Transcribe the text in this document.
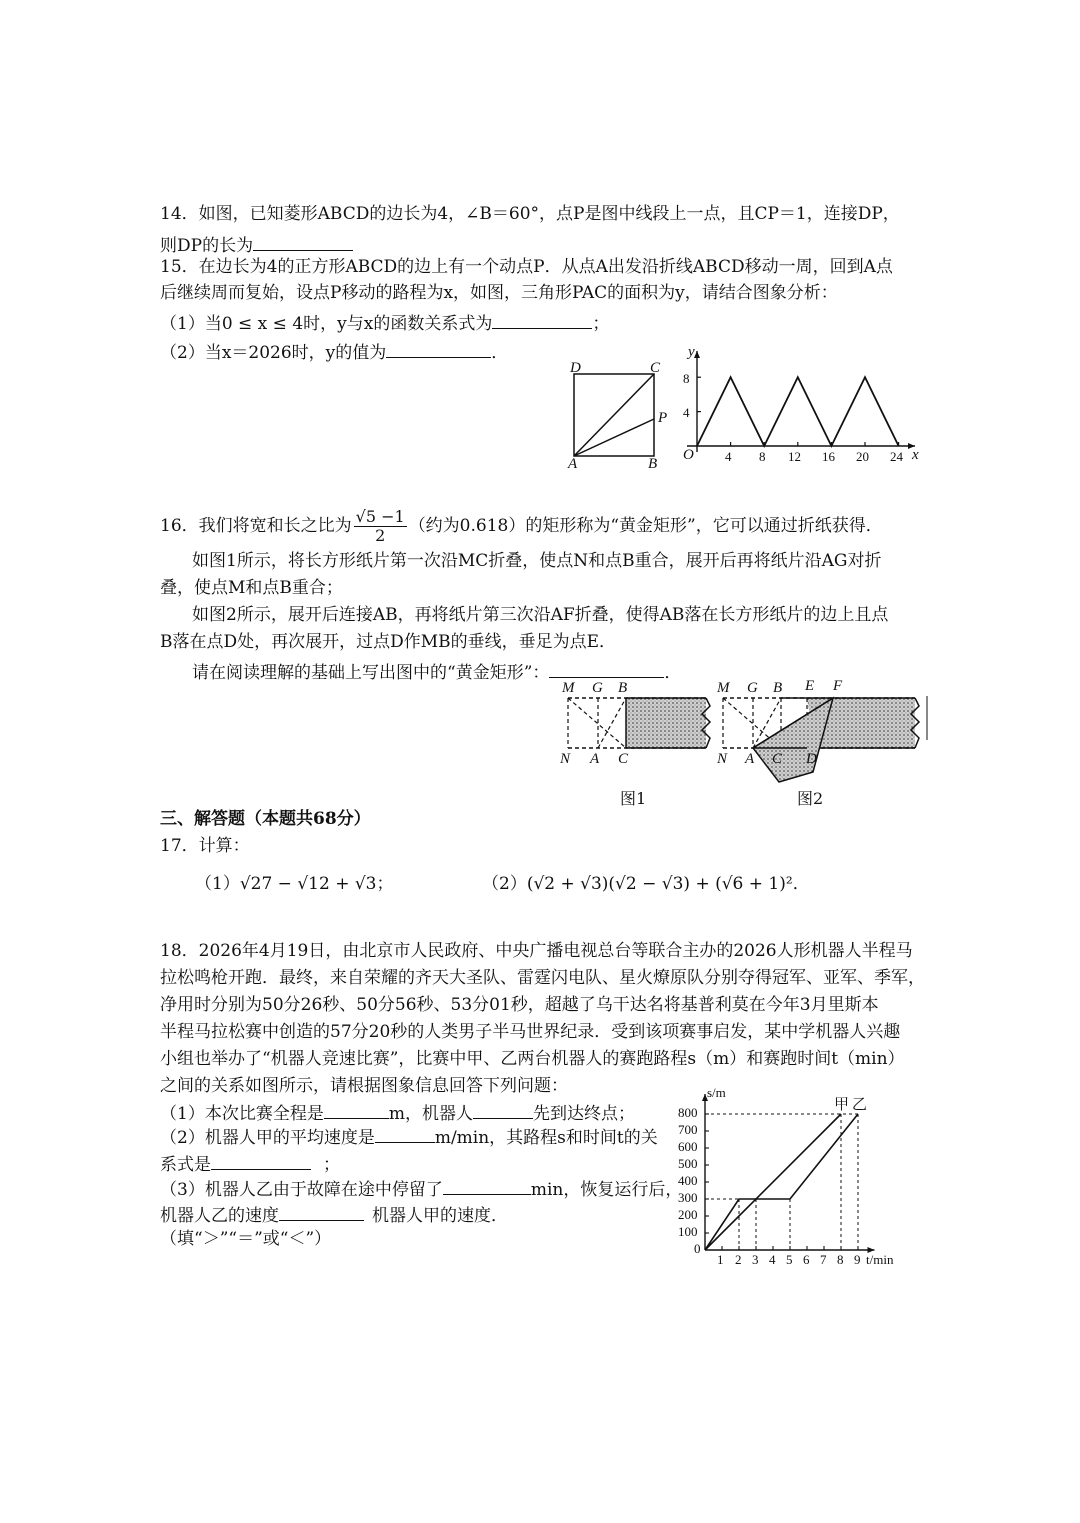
14．如图，已知菱形ABCD的边长为4，∠B＝60°，点P是图中线段上一点，且CP＝1，连接DP，
则DP的长为
15．在边长为4的正方形ABCD的边上有一个动点P．从点A出发沿折线ABCD移动一周，回到A点
后继续周而复始，设点P移动的路程为x，如图，三角形PAC的面积为y，请结合图象分析：
（1）当0 ≤ x ≤ 4时，y与x的函数关系式为	；
（2）当x＝2026时，y的值为	．
D	C
P
A	B
y
x
O
8
4
4 8 12 16 20 24
16．我们将宽和长之比为 $\frac{√5 -1}{2}$ （约为0.618）的矩形称为“黄金矩形”，它可以通过折纸获得．
如图1所示，将长方形纸片第一次沿MC折叠，使点N和点B重合，展开后再将纸片沿AG对折
叠，使点M和点B重合；
如图2所示，展开后连接AB，再将纸片第三次沿AF折叠，使得AB落在长方形纸片的边上且点
B落在点D处，再次展开，过点D作MB的垂线，垂足为点E．
请在阅读理解的基础上写出图中的“黄金矩形”：	．
M G B
N A C
图1
M G B E F
N A C D
图2
三、解答题（本题共68分）
17．计算：
（1）√27 − √12 + √3；	（2）(√2 + √3)(√2 − √3) + (√6 + 1)²．
18．2026年4月19日，由北京市人民政府、中央广播电视总台等联合主办的2026人形机器人半程马
拉松鸣枪开跑．最终，来自荣耀的齐天大圣队、雷霆闪电队、星火燎原队分别夺得冠军、亚军、季军，
净用时分别为50分26秒、50分56秒、53分01秒，超越了乌干达名将基普利莫在今年3月里斯本
半程马拉松赛中创造的57分20秒的人类男子半马世界纪录．受到该项赛事启发，某中学机器人兴趣
小组也举办了“机器人竞速比赛”，比赛中甲、乙两台机器人的赛跑路程s（m）和赛跑时间t（min）
之间的关系如图所示，请根据图象信息回答下列问题：
（1）本次比赛全程是	m，机器人	先到达终点；
（2）机器人甲的平均速度是	m/min，其路程s和时间t的关
系式是	；
（3）机器人乙由于故障在途中停留了	min，恢复运行后，
机器人乙的速度	机器人甲的速度．
（填“＞”“＝”或“＜”）
s/m
t/min
800
700
600
500
400
300
200
100
0
1 2 3 4 5 6 7 8 9
甲 乙
